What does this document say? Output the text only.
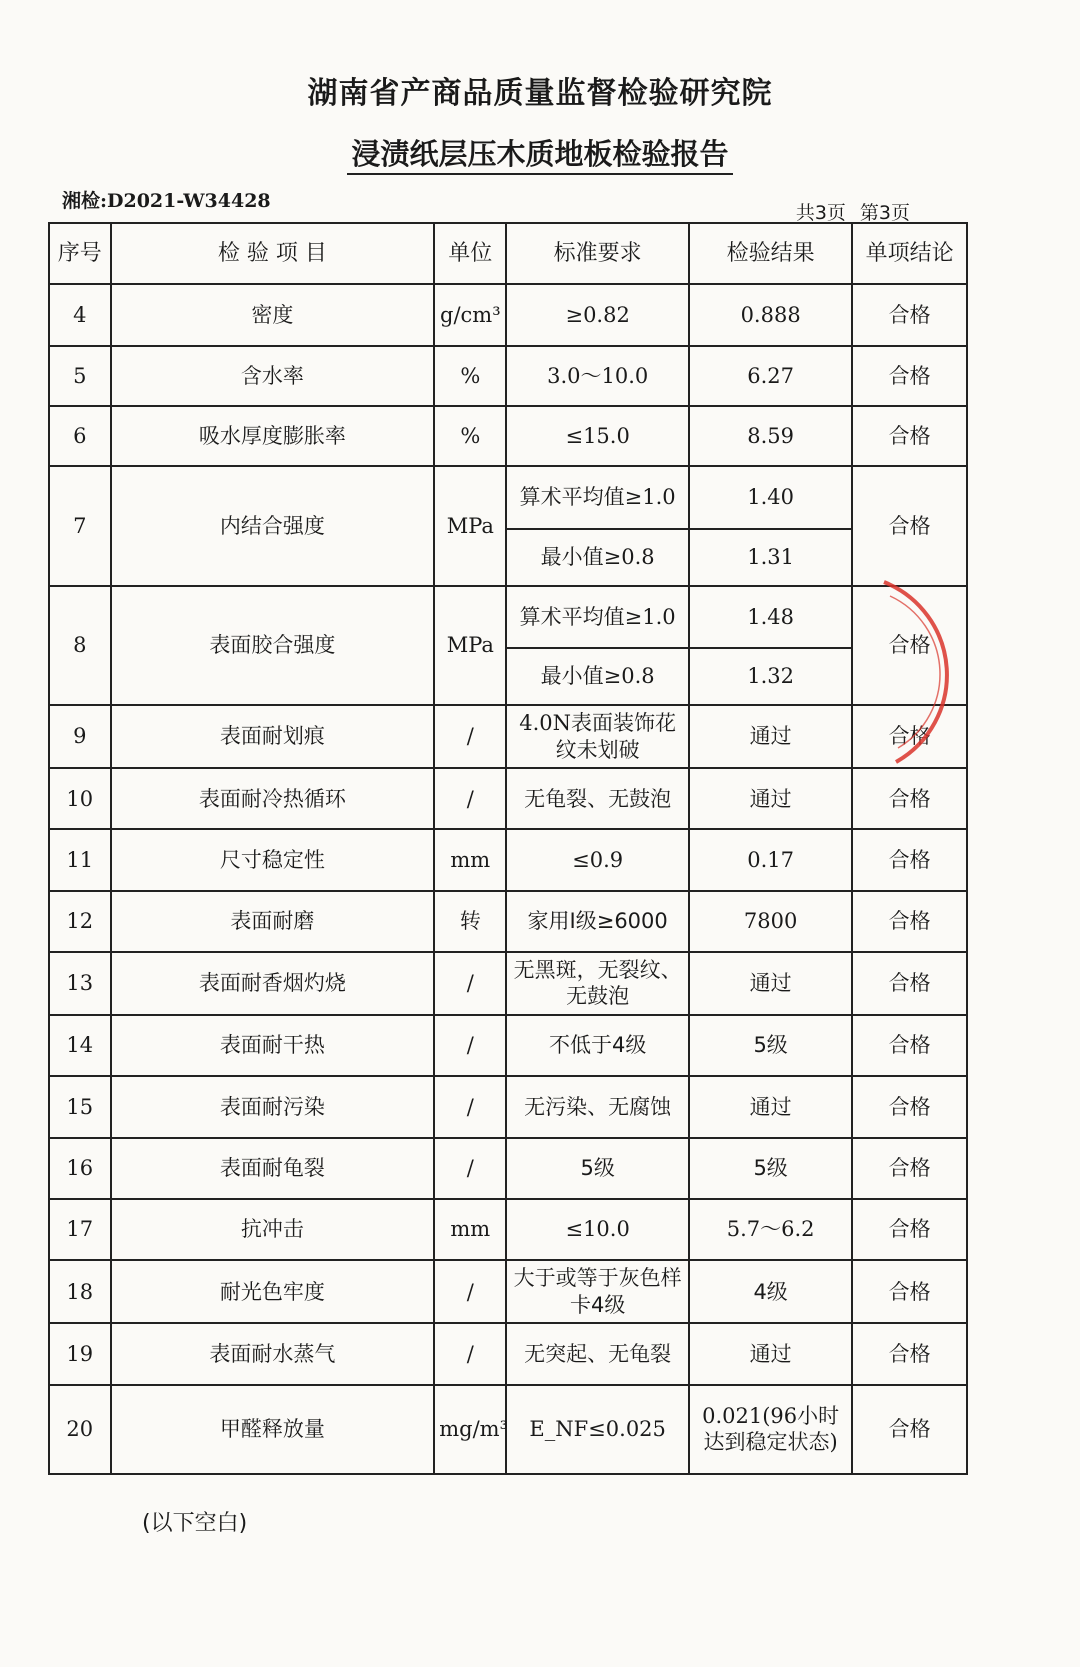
湖南省产商品质量监督检验研究院
浸渍纸层压木质地板检验报告
湘检:D2021-W34428
共3页 第3页
序号	检 验 项 目	单位	标准要求	检验结果	单项结论
4	密度	g/cm³	≥0.82	0.888	合格
5	含水率	%	3.0～10.0	6.27	合格
6	吸水厚度膨胀率	%	≤15.0	8.59	合格
7	内结合强度	MPa	算术平均值≥1.0	1.40	合格
			最小值≥0.8	1.31	
8	表面胶合强度	MPa	算术平均值≥1.0	1.48	合格
			最小值≥0.8	1.32	
9	表面耐划痕	/	4.0N表面装饰花纹未划破	通过	合格
10	表面耐冷热循环	/	无龟裂、无鼓泡	通过	合格
11	尺寸稳定性	mm	≤0.9	0.17	合格
12	表面耐磨	转	家用Ⅰ级≥6000	7800	合格
13	表面耐香烟灼烧	/	无黑斑，无裂纹、无鼓泡	通过	合格
14	表面耐干热	/	不低于4级	5级	合格
15	表面耐污染	/	无污染、无腐蚀	通过	合格
16	表面耐龟裂	/	5级	5级	合格
17	抗冲击	mm	≤10.0	5.7～6.2	合格
18	耐光色牢度	/	大于或等于灰色样卡4级	4级	合格
19	表面耐水蒸气	/	无突起、无龟裂	通过	合格
20	甲醛释放量	mg/m³	E_NF≤0.025	0.021(96小时达到稳定状态)	合格
(以下空白)
